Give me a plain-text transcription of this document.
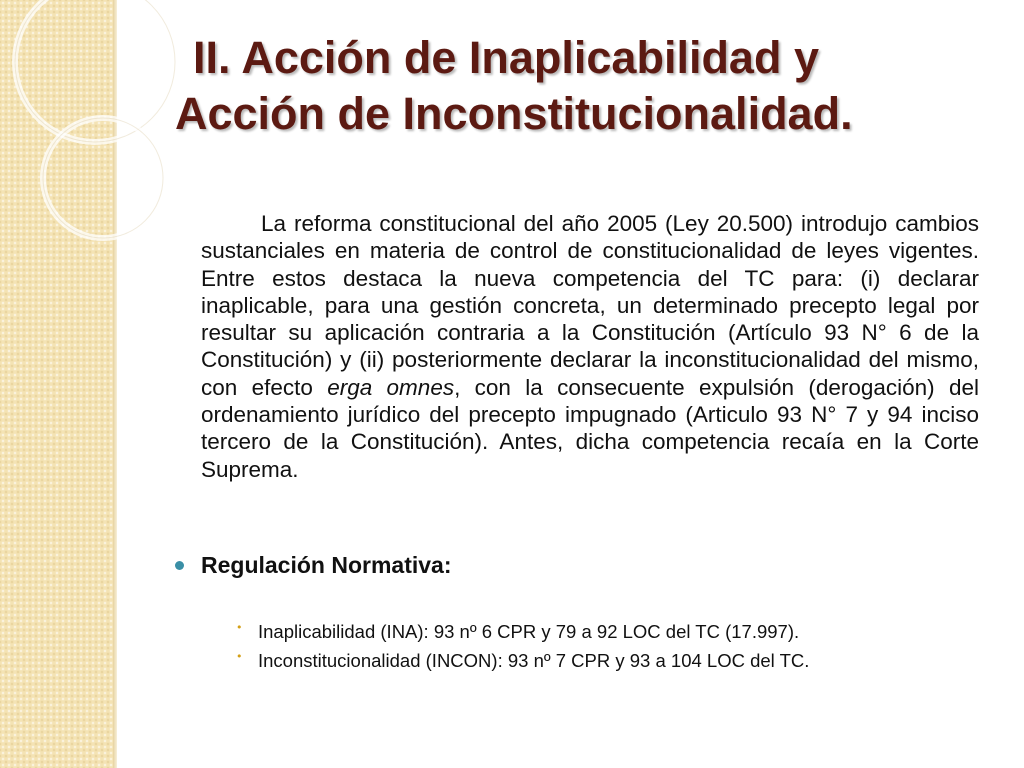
II. Acción de Inaplicabilidad y
Acción de Inconstitucionalidad.

La reforma constitucional del año 2005 (Ley 20.500) introdujo cambios sustanciales en materia de control de constitucionalidad de leyes vigentes. Entre estos destaca la nueva competencia del TC para: (i) declarar inaplicable, para una gestión concreta, un determinado precepto legal por resultar su aplicación contraria a la Constitución (Artículo 93 N° 6 de la Constitución) y (ii) posteriormente declarar la inconstitucionalidad del mismo, con efecto erga omnes, con la consecuente expulsión (derogación) del ordenamiento jurídico del precepto impugnado (Articulo 93 N° 7 y 94 inciso tercero de la Constitución). Antes, dicha competencia recaía en la Corte Suprema.

Regulación Normativa:
• Inaplicabilidad (INA): 93 nº 6 CPR y 79 a 92 LOC del TC (17.997).
• Inconstitucionalidad (INCON): 93 nº 7 CPR y 93 a 104 LOC del TC.
